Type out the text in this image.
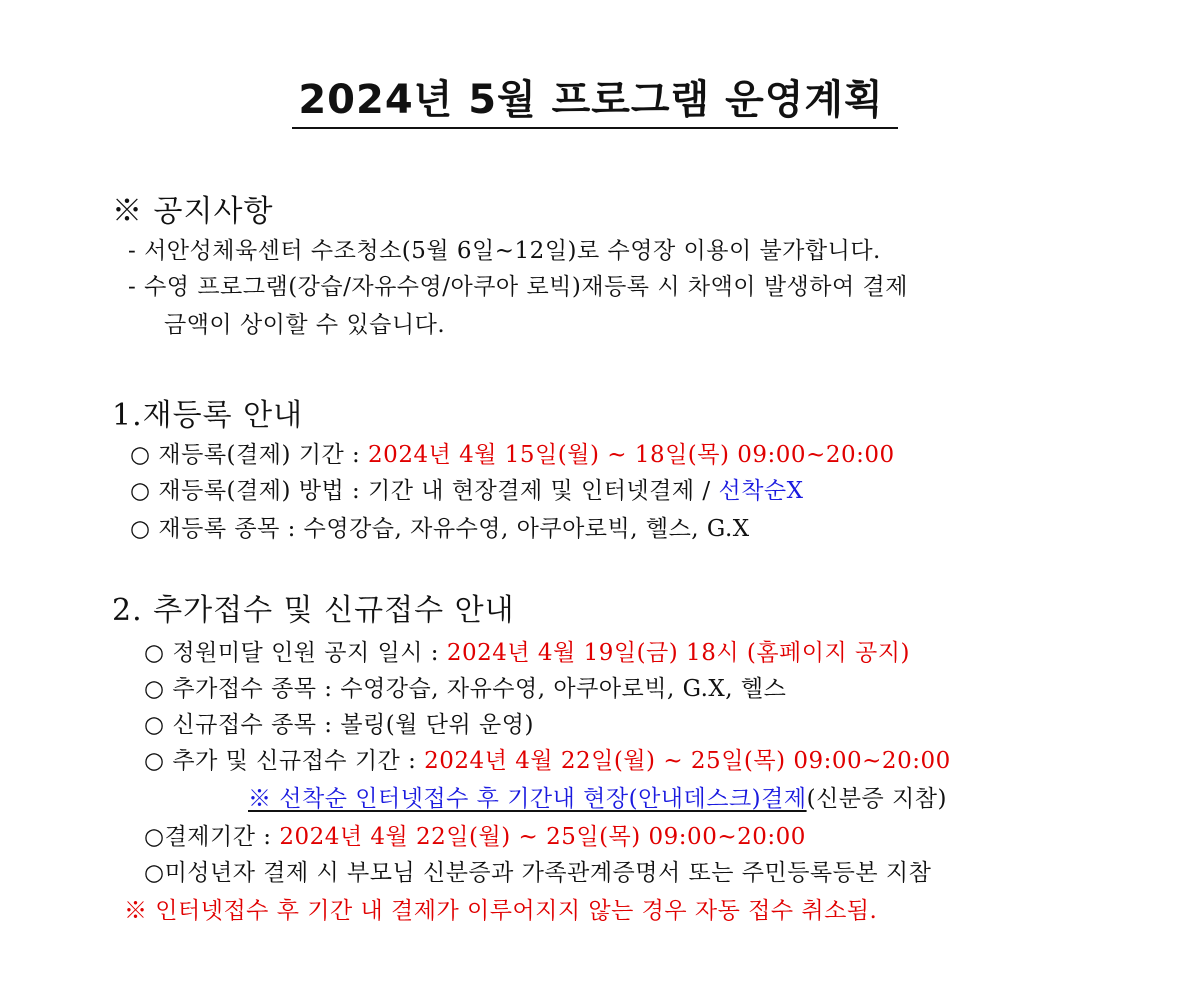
2024년 5월 프로그램 운영계획
※ 공지사항
- 서안성체육센터 수조청소(5월 6일~12일)로 수영장 이용이 불가합니다.
- 수영 프로그램(강습/자유수영/아쿠아 로빅)재등록 시 차액이 발생하여 결제
금액이 상이할 수 있습니다.
1.재등록 안내
○ 재등록(결제) 기간 : 2024년 4월 15일(월) ~ 18일(목) 09:00~20:00
○ 재등록(결제) 방법 : 기간 내 현장결제 및 인터넷결제 / 선착순X
○ 재등록 종목 : 수영강습, 자유수영, 아쿠아로빅, 헬스, G.X
2. 추가접수 및 신규접수 안내
○ 정원미달 인원 공지 일시 : 2024년 4월 19일(금) 18시 (홈페이지 공지)
○ 추가접수 종목 : 수영강습, 자유수영, 아쿠아로빅, G.X, 헬스
○ 신규접수 종목 : 볼링(월 단위 운영)
○ 추가 및 신규접수 기간 : 2024년 4월 22일(월) ~ 25일(목) 09:00~20:00
※ 선착순 인터넷접수 후 기간내 현장(안내데스크)결제(신분증 지참)
○결제기간 : 2024년 4월 22일(월) ~ 25일(목) 09:00~20:00
○미성년자 결제 시 부모님 신분증과 가족관계증명서 또는 주민등록등본 지참
※ 인터넷접수 후 기간 내 결제가 이루어지지 않는 경우 자동 접수 취소됨.
